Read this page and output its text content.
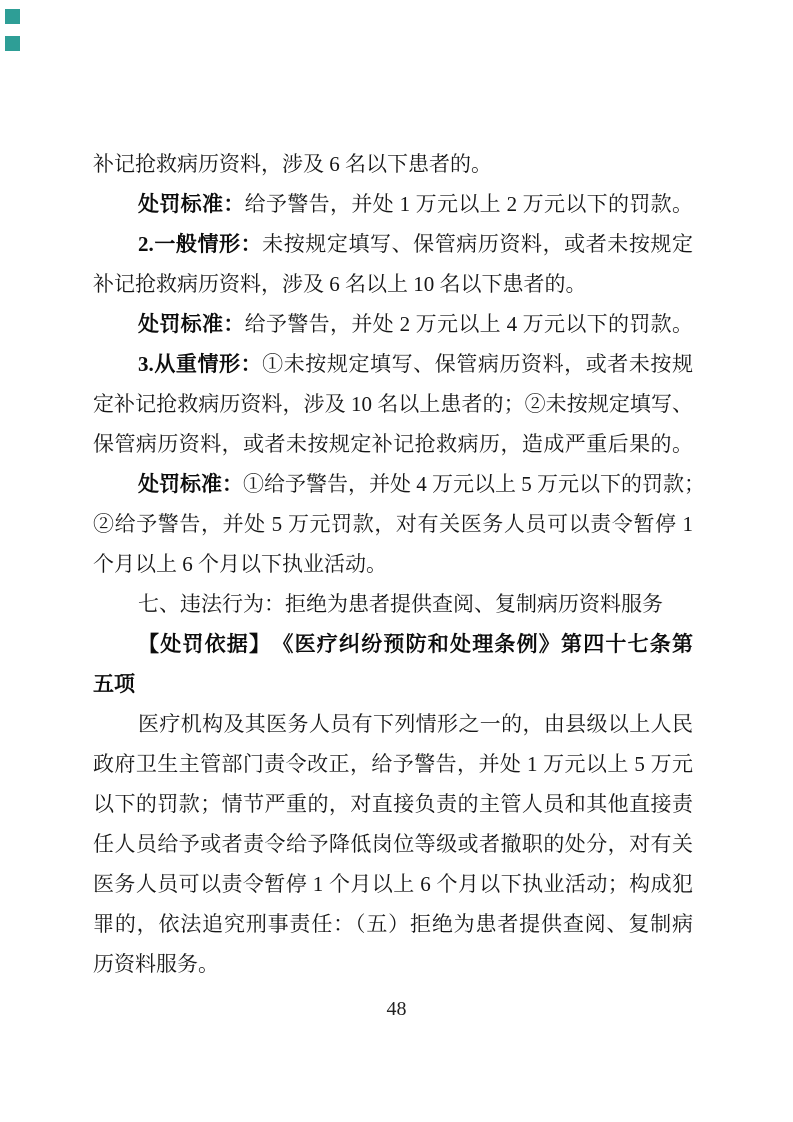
补记抢救病历资料，涉及 6 名以下患者的。
处罚标准：给予警告，并处 1 万元以上 2 万元以下的罚款。
2.一般情形：未按规定填写、保管病历资料，或者未按规定
补记抢救病历资料，涉及 6 名以上 10 名以下患者的。
处罚标准：给予警告，并处 2 万元以上 4 万元以下的罚款。
3.从重情形：①未按规定填写、保管病历资料，或者未按规
定补记抢救病历资料，涉及 10 名以上患者的；②未按规定填写、
保管病历资料，或者未按规定补记抢救病历，造成严重后果的。
处罚标准：①给予警告，并处 4 万元以上 5 万元以下的罚款；
②给予警告，并处 5 万元罚款，对有关医务人员可以责令暂停 1
个月以上 6 个月以下执业活动。
七、违法行为：拒绝为患者提供查阅、复制病历资料服务
【处罚依据】　《医疗纠纷预防和处理条例》第四十七条第
五项
医疗机构及其医务人员有下列情形之一的，由县级以上人民
政府卫生主管部门责令改正，给予警告，并处 1 万元以上 5 万元
以下的罚款；情节严重的，对直接负责的主管人员和其他直接责
任人员给予或者责令给予降低岗位等级或者撤职的处分，对有关
医务人员可以责令暂停 1 个月以上 6 个月以下执业活动；构成犯
罪的，依法追究刑事责任：（五）拒绝为患者提供查阅、复制病
历资料服务。
48
